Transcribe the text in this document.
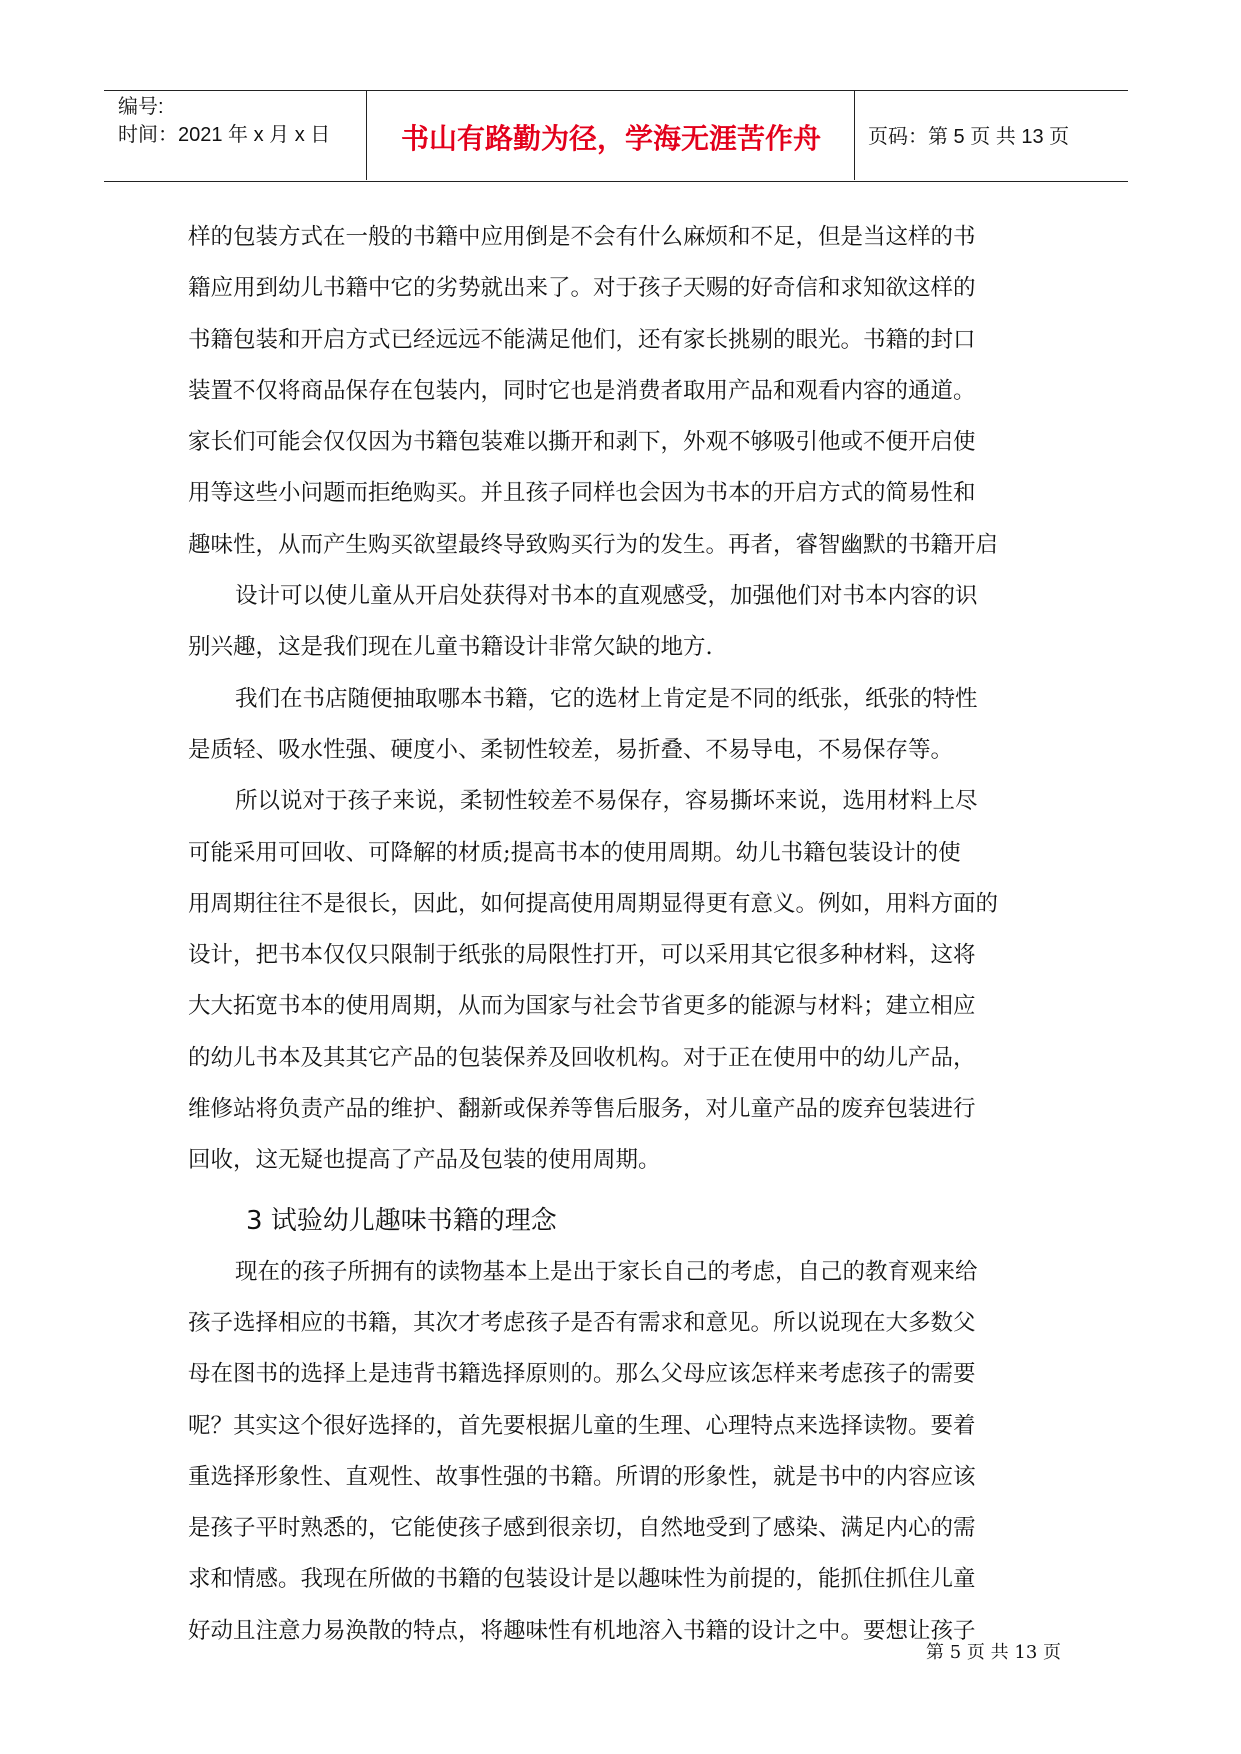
编号:
时间：2021 年 x 月 x 日	书山有路勤为径，学海无涯苦作舟	页码：第 5 页 共 13 页
样的包装方式在一般的书籍中应用倒是不会有什么麻烦和不足，但是当这样的书
籍应用到幼儿书籍中它的劣势就出来了。对于孩子天赐的好奇信和求知欲这样的
书籍包装和开启方式已经远远不能满足他们，还有家长挑剔的眼光。书籍的封口
装置不仅将商品保存在包装内，同时它也是消费者取用产品和观看内容的通道。
家长们可能会仅仅因为书籍包装难以撕开和剥下，外观不够吸引他或不便开启使
用等这些小问题而拒绝购买。并且孩子同样也会因为书本的开启方式的简易性和
趣味性，从而产生购买欲望最终导致购买行为的发生。再者，睿智幽默的书籍开启
设计可以使儿童从开启处获得对书本的直观感受，加强他们对书本内容的识
别兴趣，这是我们现在儿童书籍设计非常欠缺的地方.
我们在书店随便抽取哪本书籍，它的选材上肯定是不同的纸张，纸张的特性
是质轻、吸水性强、硬度小、柔韧性较差，易折叠、不易导电，不易保存等。
所以说对于孩子来说，柔韧性较差不易保存，容易撕坏来说，选用材料上尽
可能采用可回收、可降解的材质;提高书本的使用周期。幼儿书籍包装设计的使
用周期往往不是很长，因此，如何提高使用周期显得更有意义。例如，用料方面的
设计，把书本仅仅只限制于纸张的局限性打开，可以采用其它很多种材料，这将
大大拓宽书本的使用周期，从而为国家与社会节省更多的能源与材料；建立相应
的幼儿书本及其其它产品的包装保养及回收机构。对于正在使用中的幼儿产品，
维修站将负责产品的维护、翻新或保养等售后服务，对儿童产品的废弃包装进行
回收，这无疑也提高了产品及包装的使用周期。
3 试验幼儿趣味书籍的理念
现在的孩子所拥有的读物基本上是出于家长自己的考虑，自己的教育观来给
孩子选择相应的书籍，其次才考虑孩子是否有需求和意见。所以说现在大多数父
母在图书的选择上是违背书籍选择原则的。那么父母应该怎样来考虑孩子的需要
呢？其实这个很好选择的，首先要根据儿童的生理、心理特点来选择读物。要着
重选择形象性、直观性、故事性强的书籍。所谓的形象性，就是书中的内容应该
是孩子平时熟悉的，它能使孩子感到很亲切，自然地受到了感染、满足内心的需
求和情感。我现在所做的书籍的包装设计是以趣味性为前提的，能抓住抓住儿童
好动且注意力易涣散的特点，将趣味性有机地溶入书籍的设计之中。要想让孩子
第 5 页 共 13 页
